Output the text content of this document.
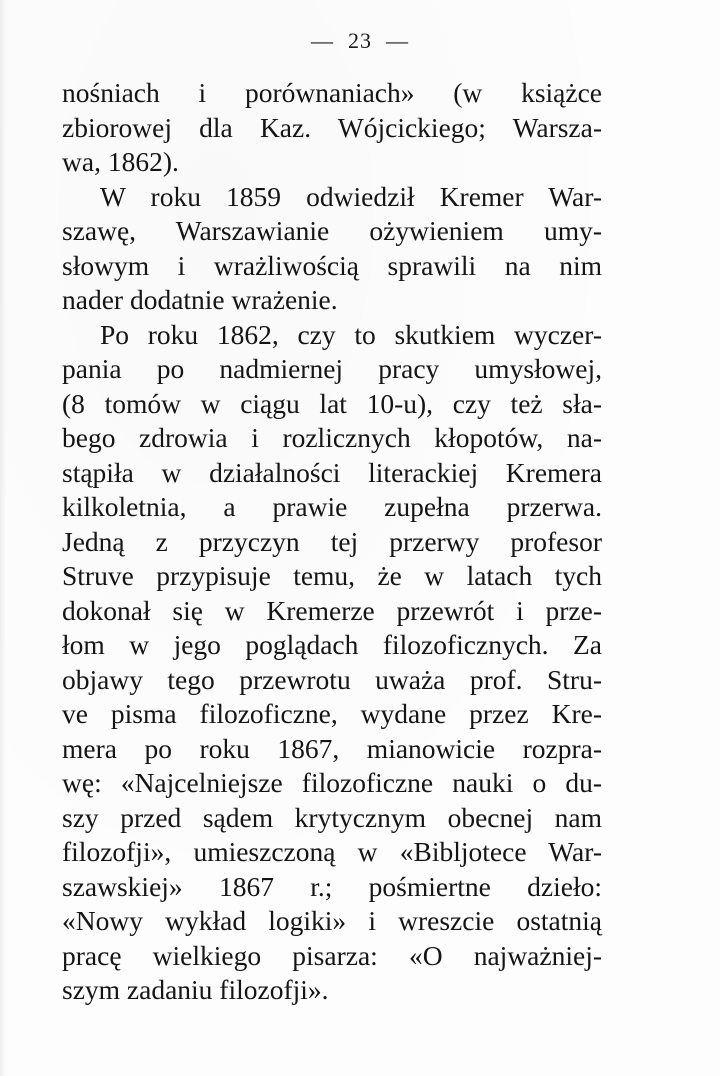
— 23 —
nośniach i porównaniach» (w książce
zbiorowej dla Kaz. Wójcickiego; Warsza-
wa, 1862).
W roku 1859 odwiedził Kremer War-
szawę, Warszawianie ożywieniem umy-
słowym i wrażliwością sprawili na nim
nader dodatnie wrażenie.
Po roku 1862, czy to skutkiem wyczer-
pania po nadmiernej pracy umysłowej,
(8 tomów w ciągu lat 10-u), czy też sła-
bego zdrowia i rozlicznych kłopotów, na-
stąpiła w działalności literackiej Kremera
kilkoletnia, a prawie zupełna przerwa.
Jedną z przyczyn tej przerwy profesor
Struve przypisuje temu, że w latach tych
dokonał się w Kremerze przewrót i prze-
łom w jego poglądach filozoficznych. Za
objawy tego przewrotu uważa prof. Stru-
ve pisma filozoficzne, wydane przez Kre-
mera po roku 1867, mianowicie rozpra-
wę: «Najcelniejsze filozoficzne nauki o du-
szy przed sądem krytycznym obecnej nam
filozofji», umieszczoną w «Bibljotece War-
szawskiej» 1867 r.; pośmiertne dzieło:
«Nowy wykład logiki» i wreszcie ostatnią
pracę wielkiego pisarza: «O najważniej-
szym zadaniu filozofji».
